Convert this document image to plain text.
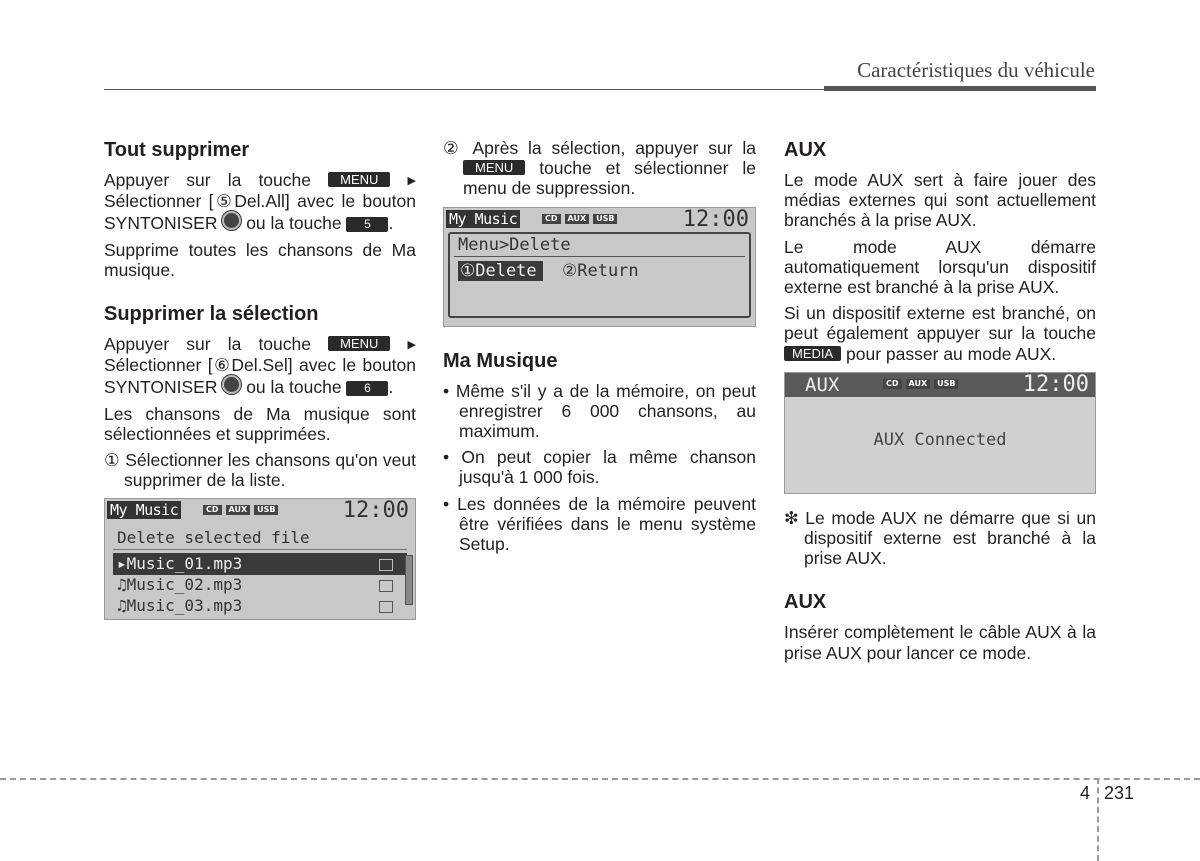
Caractéristiques du véhicule
Tout supprimer

Appuyer sur la touche MENU	▶ Sélectionner [⑤Del.All] avec le bouton SYNTONISER ou la touche 5 .

Supprime toutes les chansons de Ma musique.

Supprimer la sélection

Appuyer sur la touche MENU	▶ Sélectionner [⑥Del.Sel] avec le bouton SYNTONISER ou la touche 6 .

Les chansons de Ma musique sont sélectionnées et supprimées.

① Sélectionner les chansons qu'on veut supprimer de la liste.

My Music	CD	AUX	USB	12:00
Delete selected file
▸Music_01.mp3
♫Music_02.mp3
♫Music_03.mp3

② Après la sélection, appuyer sur la MENU touche et sélectionner le menu de suppression.

My Music	CD	AUX	USB	12:00
Menu>Delete
①Delete	②Return
Ma Musique
• Même s'il y a de la mémoire, on peut enregistrer 6 000 chansons, au maximum.
• On peut copier la même chanson jusqu'à 1 000 fois.
• Les données de la mémoire peuvent être vérifiées dans le menu système Setup.
AUX

Le mode AUX sert à faire jouer des médias externes qui sont actuellement branchés à la prise AUX.

Le mode AUX démarre automatiquement lorsqu'un dispositif externe est branché à la prise AUX.

Si un dispositif externe est branché, on peut également appuyer sur la touche MEDIA pour passer au mode AUX.

AUX	CD	AUX	USB	12:00
AUX Connected

❇ Le mode AUX ne démarre que si un dispositif externe est branché à la prise AUX.

AUX

Insérer complètement le câble AUX à la prise AUX pour lancer ce mode.

4 231
